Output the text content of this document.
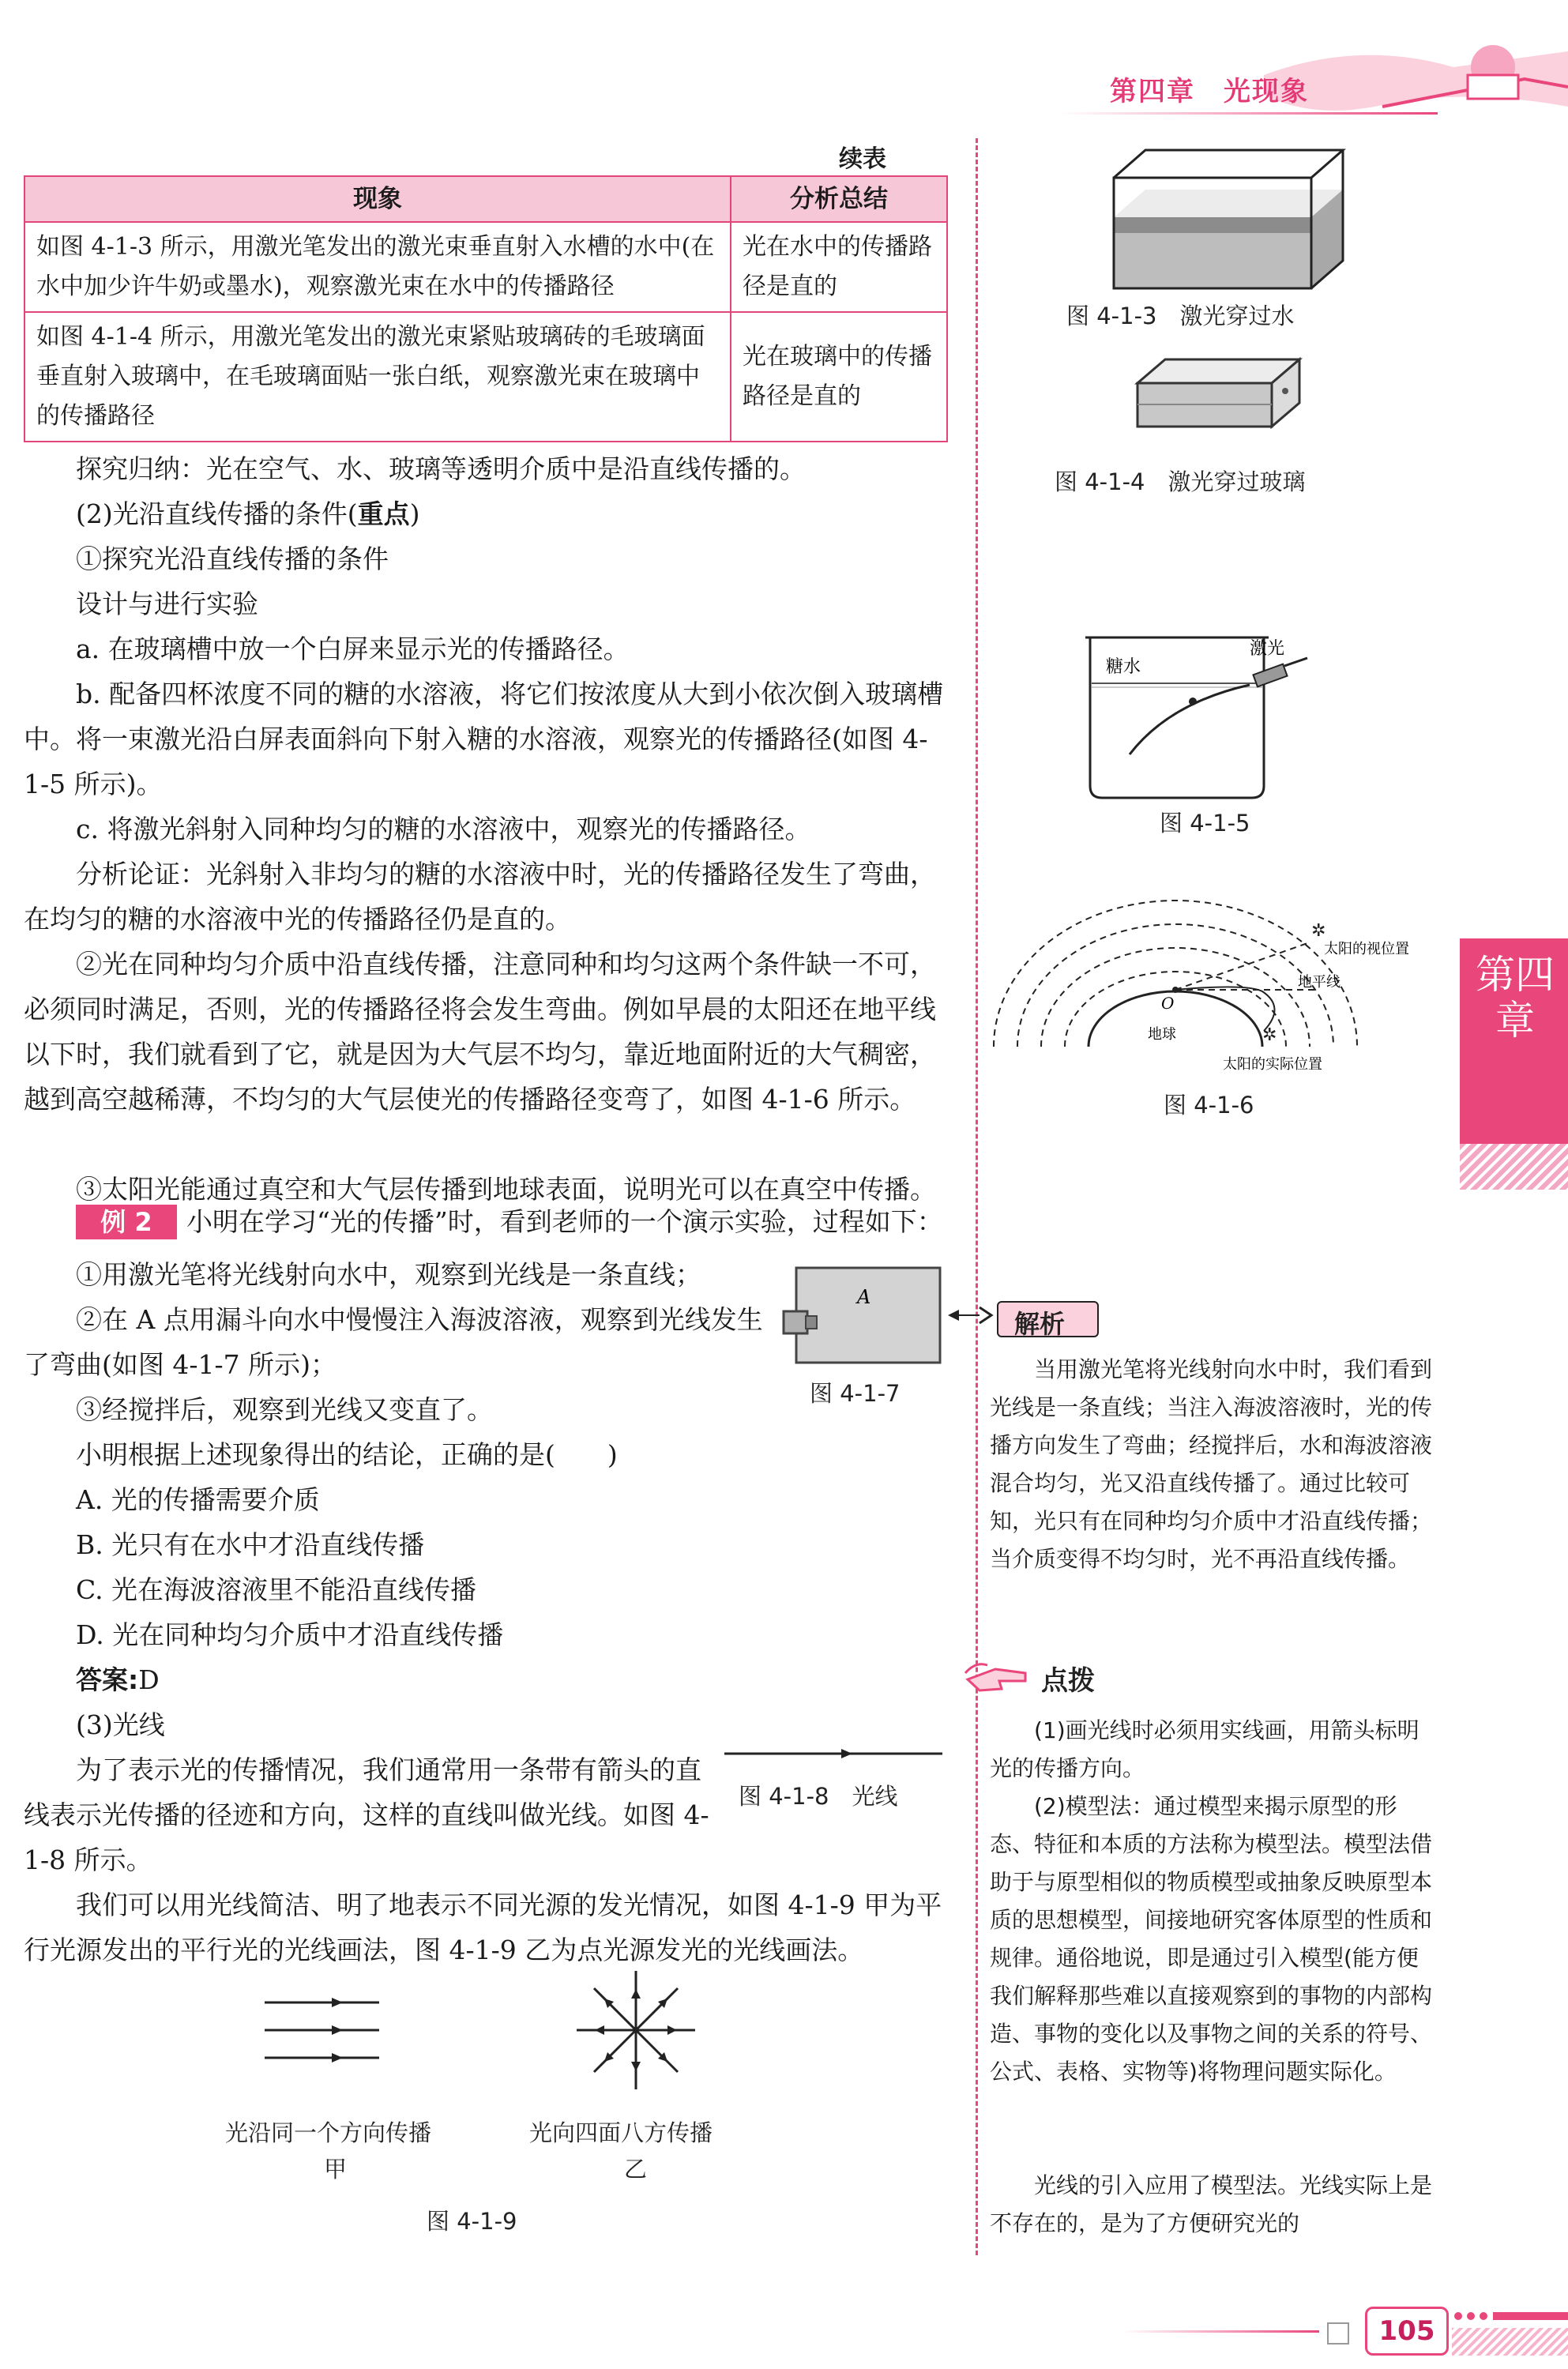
第四章　光现象
续表
现象	分析总结
如图 4-1-3 所示，用激光笔发出的激光束垂直射入水槽的水中(在水中加少许牛奶或墨水)，观察激光束在水中的传播路径	光在水中的传播路径是直的
如图 4-1-4 所示，用激光笔发出的激光束紧贴玻璃砖的毛玻璃面垂直射入玻璃中，在毛玻璃面贴一张白纸，观察激光束在玻璃中的传播路径	光在玻璃中的传播路径是直的

探究归纳：光在空气、水、玻璃等透明介质中是沿直线传播的。

(2)光沿直线传播的条件(重点)

①探究光沿直线传播的条件

设计与进行实验

a. 在玻璃槽中放一个白屏来显示光的传播路径。

b. 配备四杯浓度不同的糖的水溶液，将它们按浓度从大到小依次倒入玻璃槽中。将一束激光沿白屏表面斜向下射入糖的水溶液，观察光的传播路径(如图 4-1-5 所示)。

c. 将激光斜射入同种均匀的糖的水溶液中，观察光的传播路径。

分析论证：光斜射入非均匀的糖的水溶液中时，光的传播路径发生了弯曲，在均匀的糖的水溶液中光的传播路径仍是直的。

②光在同种均匀介质中沿直线传播，注意同种和均匀这两个条件缺一不可，必须同时满足，否则，光的传播路径将会发生弯曲。例如早晨的太阳还在地平线以下时，我们就看到了它，就是因为大气层不均匀，靠近地面附近的大气稠密，越到高空越稀薄，不均匀的大气层使光的传播路径变弯了，如图 4-1-6 所示。

③太阳光能通过真空和大气层传播到地球表面，说明光可以在真空中传播。

例 2	小明在学习“光的传播”时，看到老师的一个演示实验，过程如下：
①用激光笔将光线射向水中，观察到光线是一条直线；
②在 A 点用漏斗向水中慢慢注入海波溶液，观察到光线发生了弯曲(如图 4-1-7 所示)；
③经搅拌后，观察到光线又变直了。
小明根据上述现象得出的结论，正确的是(　　)
A. 光的传播需要介质
B. 光只有在水中才沿直线传播
C. 光在海波溶液里不能沿直线传播
D. 光在同种均匀介质中才沿直线传播
答案:D
A
图 4-1-7
(3)光线
为了表示光的传播情况，我们通常用一条带有箭头的直线表示光传播的径迹和方向，这样的直线叫做光线。如图 4-1-8 所示。
图 4-1-8　光线

我们可以用光线简洁、明了地表示不同光源的发光情况，如图 4-1-9 甲为平行光源发出的平行光的光线画法，图 4-1-9 乙为点光源发光的光线画法。

光沿同一个方向传播
甲
光向四面八方传播
乙
图 4-1-9
图 4-1-3　激光穿过水
图 4-1-4　激光穿过玻璃
糖水
激光
图 4-1-5
✲
✲
太阳的视位置
地平线
O
地球
太阳的实际位置
图 4-1-6
第四章
解析

当用激光笔将光线射向水中时，我们看到光线是一条直线；当注入海波溶液时，光的传播方向发生了弯曲；经搅拌后，水和海波溶液混合均匀，光又沿直线传播了。通过比较可知，光只有在同种均匀介质中才沿直线传播；当介质变得不均匀时，光不再沿直线传播。

点拨

(1)画光线时必须用实线画，用箭头标明光的传播方向。

(2)模型法：通过模型来揭示原型的形态、特征和本质的方法称为模型法。模型法借助于与原型相似的物质模型或抽象反映原型本质的思想模型，间接地研究客体原型的性质和规律。通俗地说，即是通过引入模型(能方便我们解释那些难以直接观察到的事物的内部构造、事物的变化以及事物之间的关系的符号、公式、表格、实物等)将物理问题实际化。

光线的引入应用了模型法。光线实际上是不存在的，是为了方便研究光的

105
